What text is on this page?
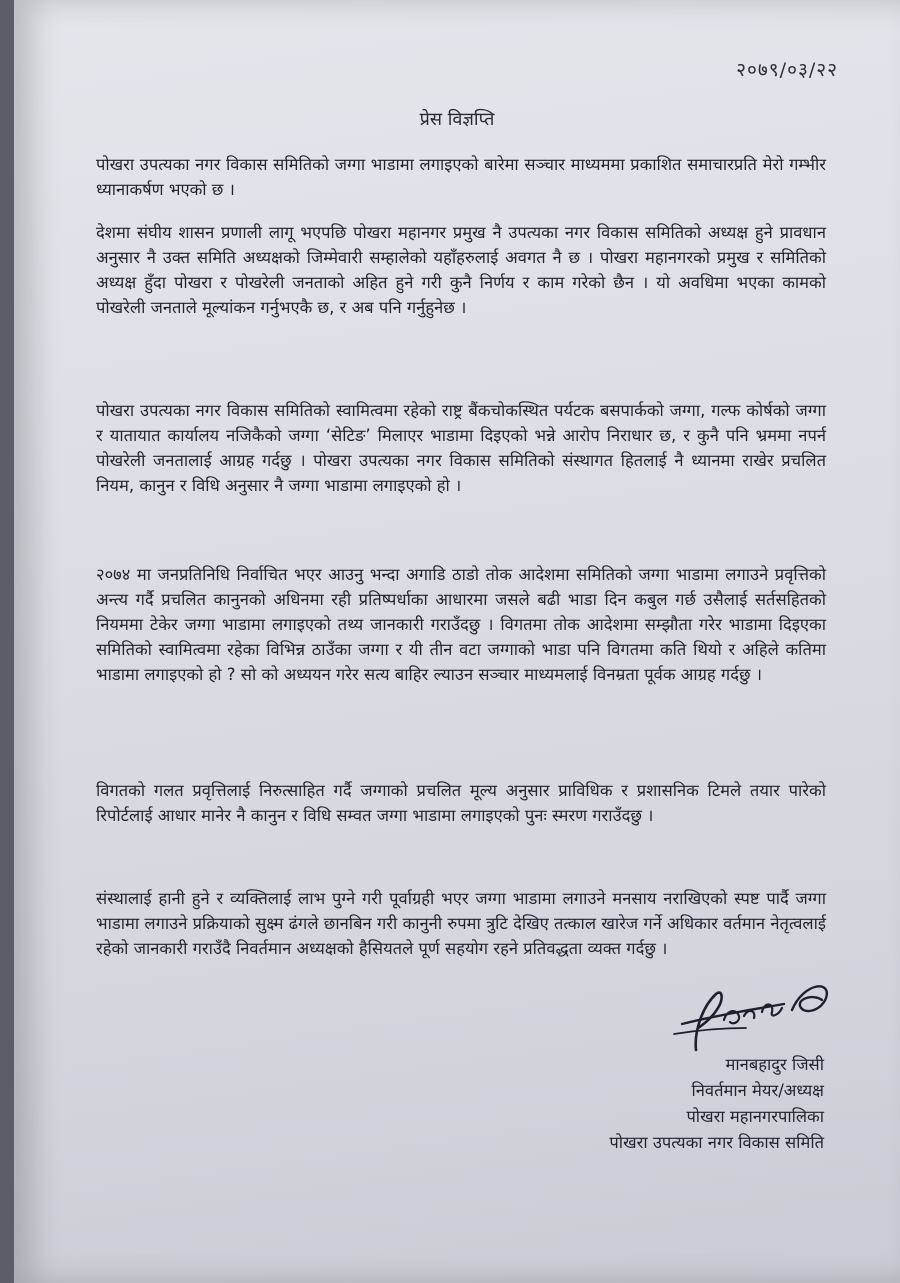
२०७९/०३/२२
प्रेस विज्ञप्ति

पोखरा उपत्यका नगर विकास समितिको जग्गा भाडामा लगाइएको बारेमा सञ्चार माध्यममा प्रकाशित समाचारप्रति मेरो गम्भीर ध्यानाकर्षण भएको छ ।

देशमा संघीय शासन प्रणाली लागू भएपछि पोखरा महानगर प्रमुख नै उपत्यका नगर विकास समितिको अध्यक्ष हुने प्रावधान अनुसार नै उक्त समिति अध्यक्षको जिम्मेवारी सम्हालेको यहाँहरुलाई अवगत नै छ । पोखरा महानगरको प्रमुख र समितिको अध्यक्ष हुँदा पोखरा र पोखरेली जनताको अहित हुने गरी कुनै निर्णय र काम गरेको छैन । यो अवधिमा भएका कामको पोखरेली जनताले मूल्यांकन गर्नुभएकै छ, र अब पनि गर्नुहुनेछ ।

पोखरा उपत्यका नगर विकास समितिको स्वामित्वमा रहेको राष्ट्र बैंकचोकस्थित पर्यटक बसपार्कको जग्गा, गल्फ कोर्षको जग्गा र यातायात कार्यालय नजिकैको जग्गा ‘सेटिङ’ मिलाएर भाडामा दिइएको भन्ने आरोप निराधार छ, र कुनै पनि भ्रममा नपर्न पोखरेली जनतालाई आग्रह गर्दछु । पोखरा उपत्यका नगर विकास समितिको संस्थागत हितलाई नै ध्यानमा राखेर प्रचलित नियम, कानुन र विधि अनुसार नै जग्गा भाडामा लगाइएको हो ।

२०७४ मा जनप्रतिनिधि निर्वाचित भएर आउनु भन्दा अगाडि ठाडो तोक आदेशमा समितिको जग्गा भाडामा लगाउने प्रवृत्तिको अन्त्य गर्दै प्रचलित कानुनको अधिनमा रही प्रतिष्पर्धाका आधारमा जसले बढी भाडा दिन कबुल गर्छ उसैलाई सर्तसहितको नियममा टेकेर जग्गा भाडामा लगाइएको तथ्य जानकारी गराउँदछु । विगतमा तोक आदेशमा सम्झौता गरेर भाडामा दिइएका समितिको स्वामित्वमा रहेका विभिन्न ठाउँका जग्गा र यी तीन वटा जग्गाको भाडा पनि विगतमा कति थियो र अहिले कतिमा भाडामा लगाइएको हो ? सो को अध्ययन गरेर सत्य बाहिर ल्याउन सञ्चार माध्यमलाई विनम्रता पूर्वक आग्रह गर्दछु ।

विगतको गलत प्रवृत्तिलाई निरुत्साहित गर्दै जग्गाको प्रचलित मूल्य अनुसार प्राविधिक र प्रशासनिक टिमले तयार पारेको रिपोर्टलाई आधार मानेर नै कानुन र विधि सम्वत जग्गा भाडामा लगाइएको पुनः स्मरण गराउँदछु ।

संस्थालाई हानी हुने र व्यक्तिलाई लाभ पुग्ने गरी पूर्वाग्रही भएर जग्गा भाडामा लगाउने मनसाय नराखिएको स्पष्ट पार्दै जग्गा भाडामा लगाउने प्रक्रियाको सुक्ष्म ढंगले छानबिन गरी कानुनी रुपमा त्रुटि देखिए तत्काल खारेज गर्ने अधिकार वर्तमान नेतृत्वलाई रहेको जानकारी गराउँदै निवर्तमान अध्यक्षको हैसियतले पूर्ण सहयोग रहने प्रतिवद्धता व्यक्त गर्दछु ।

मानबहादुर जिसी
निवर्तमान मेयर/अध्यक्ष
पोखरा महानगरपालिका
पोखरा उपत्यका नगर विकास समिति
